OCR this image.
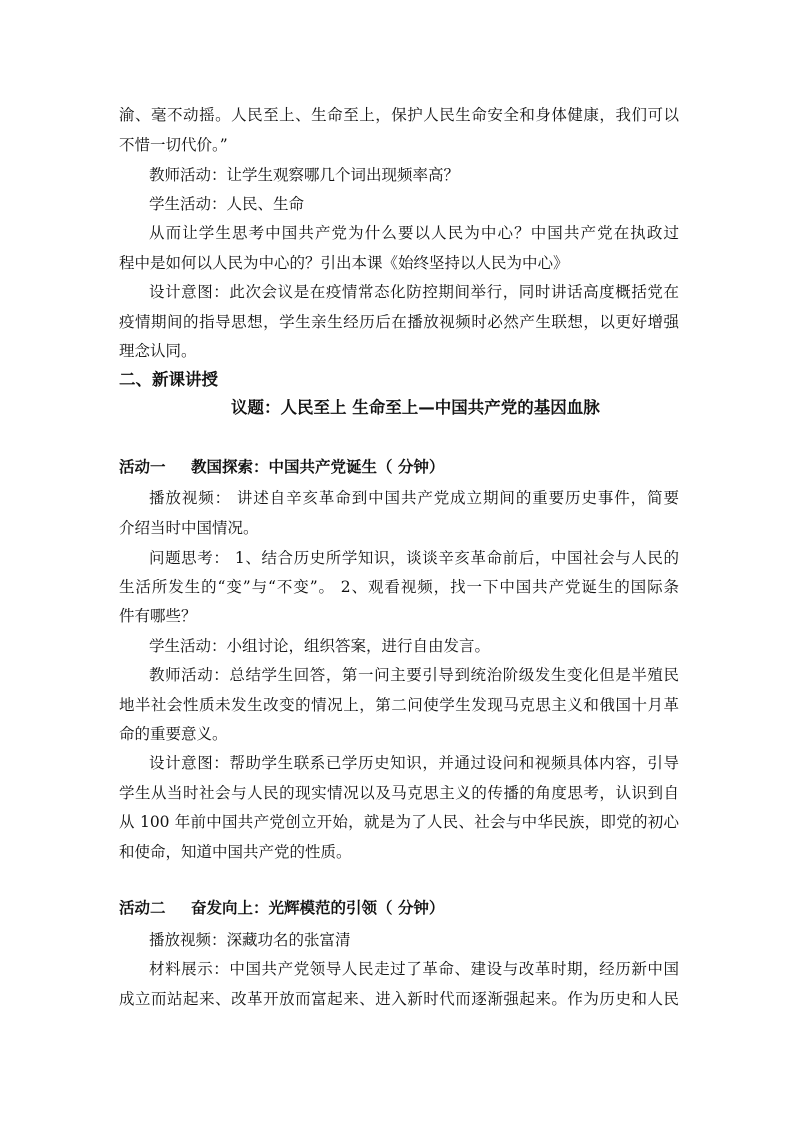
渝、毫不动摇。人民至上、生命至上，保护人民生命安全和身体健康，我们可以
不惜一切代价。”
教师活动：让学生观察哪几个词出现频率高？
学生活动：人民、生命
从而让学生思考中国共产党为什么要以人民为中心？中国共产党在执政过
程中是如何以人民为中心的？引出本课《始终坚持以人民为中心》
设计意图：此次会议是在疫情常态化防控期间举行，同时讲话高度概括党在
疫情期间的指导思想，学生亲生经历后在播放视频时必然产生联想，以更好增强
理念认同。
二、新课讲授
议题：人民至上 生命至上—中国共产党的基因血脉
活动一 教国探索：中国共产党诞生（ 分钟）
播放视频： 讲述自辛亥革命到中国共产党成立期间的重要历史事件，简要
介绍当时中国情况。
问题思考： 1、结合历史所学知识，谈谈辛亥革命前后，中国社会与人民的
生活所发生的“变”与“不变”。 2、观看视频，找一下中国共产党诞生的国际条
件有哪些？
学生活动：小组讨论，组织答案，进行自由发言。
教师活动：总结学生回答，第一问主要引导到统治阶级发生变化但是半殖民
地半社会性质未发生改变的情况上，第二问使学生发现马克思主义和俄国十月革
命的重要意义。
设计意图：帮助学生联系已学历史知识，并通过设问和视频具体内容，引导
学生从当时社会与人民的现实情况以及马克思主义的传播的角度思考，认识到自
从 100 年前中国共产党创立开始，就是为了人民、社会与中华民族，即党的初心
和使命，知道中国共产党的性质。
活动二 奋发向上：光辉模范的引领（ 分钟）
播放视频：深藏功名的张富清
材料展示：中国共产党领导人民走过了革命、建设与改革时期，经历新中国
成立而站起来、改革开放而富起来、进入新时代而逐渐强起来。作为历史和人民
